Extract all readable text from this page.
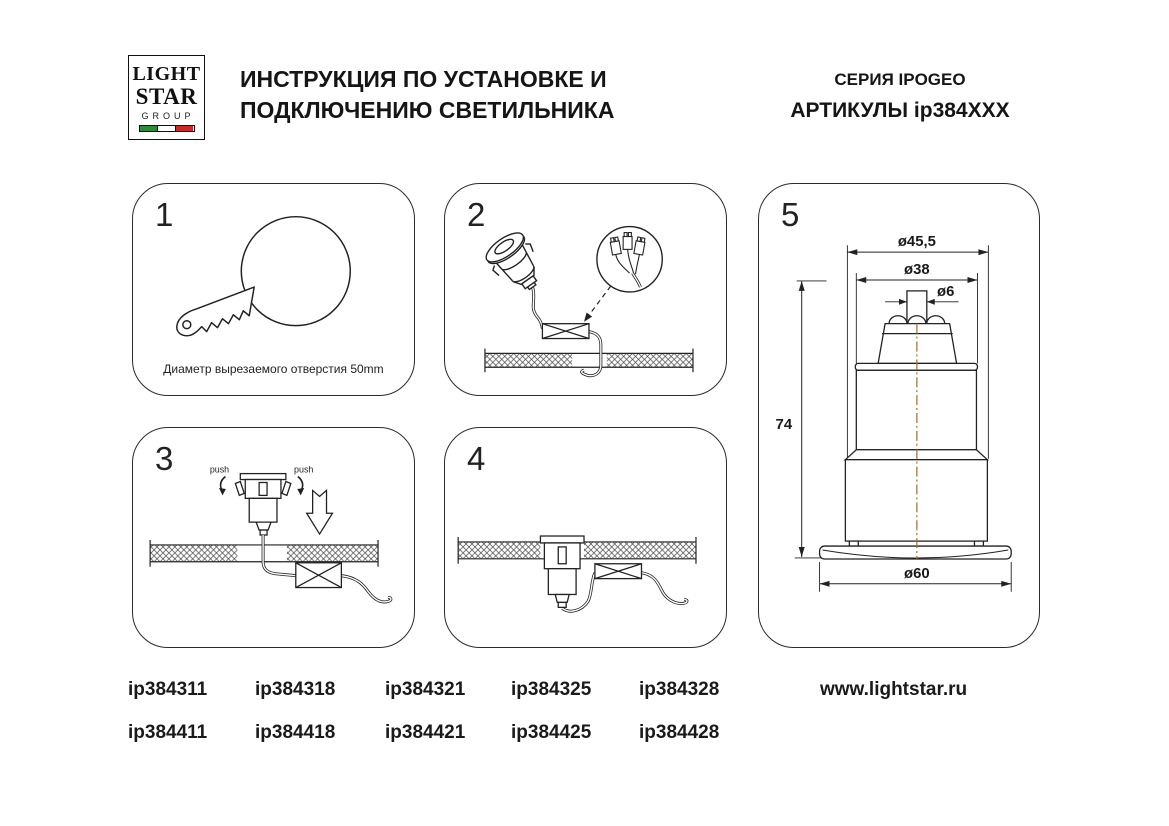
LIGHT
STAR
GROUP
ИНСТРУКЦИЯ ПО УСТАНОВКЕ И
ПОДКЛЮЧЕНИЮ СВЕТИЛЬНИКА
СЕРИЯ IPOGEO
АРТИКУЛЫ ip384XXX
1
Диаметр вырезаемого отверстия 50mm
2
push	push
3	4
ø45,5
ø38
ø6
74
ø60
5
ip384311	ip384318	ip384321 ip384325	ip384328
ip384411	ip384418	ip384421 ip384425	ip384428
www.lightstar.ru
